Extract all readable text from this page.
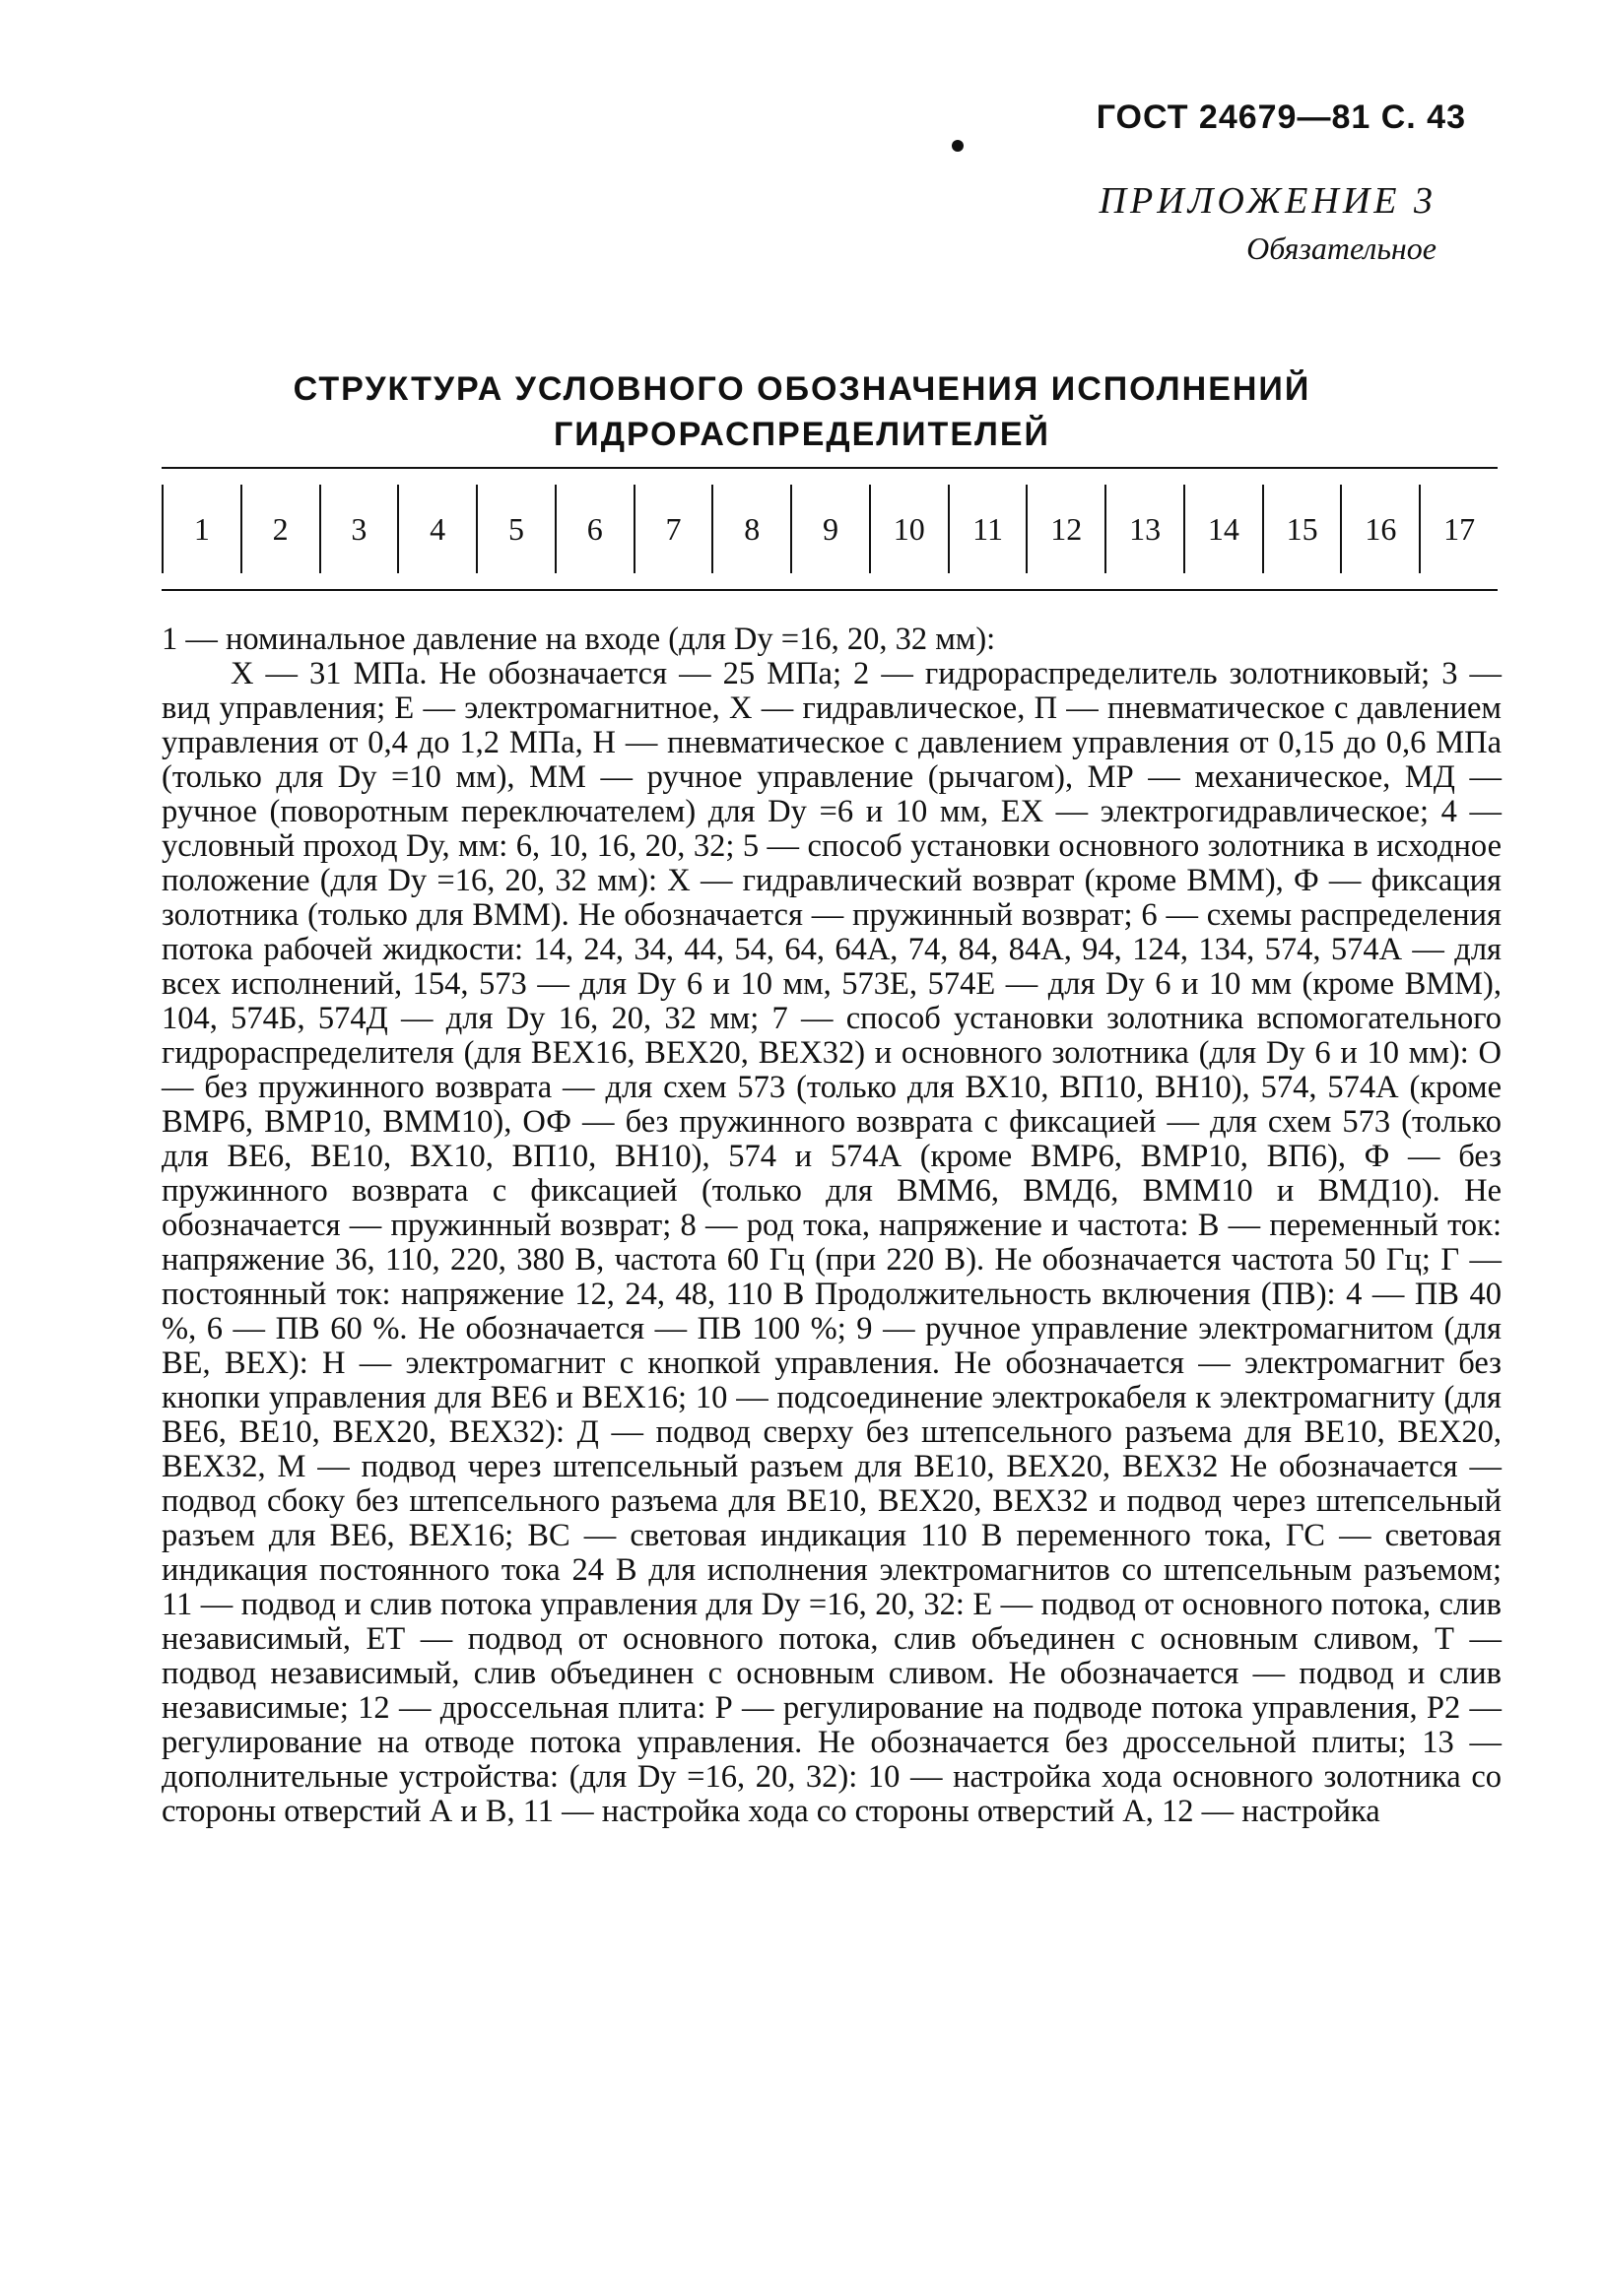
ГОСТ 24679—81 С. 43
ПРИЛОЖЕНИЕ 3
Обязательное
СТРУКТУРА УСЛОВНОГО ОБОЗНАЧЕНИЯ ИСПОЛНЕНИЙ
ГИДРОРАСПРЕДЕЛИТЕЛЕЙ
1	2	3	4	5	6	7	8	9	10	11	12	13	14	15	16	17

1 — номинальное давление на входе (для Dу =16, 20, 32 мм):

Х — 31 МПа. Не обозначается — 25 МПа; 2 — гидрораспределитель золотниковый; 3 — вид управления; Е — электромагнитное, Х — гидравлическое, П — пневматическое с давлением управления от 0,4 до 1,2 МПа, Н — пневматическое с давлением управления от 0,15 до 0,6 МПа (только для Dу =10 мм), ММ — ручное управление (рычагом), МР — механическое, МД — ручное (поворотным переключателем) для Dу =6 и 10 мм, ЕХ — электрогидравлическое; 4 — условный проход Dу, мм: 6, 10, 16, 20, 32; 5 — способ установки основного золотника в исходное положение (для Dу =16, 20, 32 мм): Х — гидравлический возврат (кроме ВММ), Ф — фиксация золотника (только для ВММ). Не обозначается — пружинный возврат; 6 — схемы распределения потока рабочей жидкости: 14, 24, 34, 44, 54, 64, 64А, 74, 84, 84А, 94, 124, 134, 574, 574А — для всех исполнений, 154, 573 — для Dу 6 и 10 мм, 573Е, 574Е — для Dу 6 и 10 мм (кроме ВММ), 104, 574Б, 574Д — для Dу 16, 20, 32 мм; 7 — способ установки золотника вспомогательного гидрораспределителя (для ВЕХ16, ВЕХ20, ВЕХ32) и основного золотника (для Dу 6 и 10 мм): О — без пружинного возврата — для схем 573 (только для ВХ10, ВП10, ВН10), 574, 574А (кроме ВМР6, ВМР10, ВММ10), ОФ — без пружинного возврата с фиксацией — для схем 573 (только для ВЕ6, ВЕ10, ВХ10, ВП10, ВН10), 574 и 574А (кроме ВМР6, ВМР10, ВП6), Ф — без пружинного возврата с фиксацией (только для ВММ6, ВМД6, ВММ10 и ВМД10). Не обозначается — пружинный возврат; 8 — род тока, напряжение и частота: В — переменный ток: напряжение 36, 110, 220, 380 В, частота 60 Гц (при 220 В). Не обозначается частота 50 Гц; Г — постоянный ток: напряжение 12, 24, 48, 110 В Продолжительность включения (ПВ): 4 — ПВ 40 %, 6 — ПВ 60 %. Не обозначается — ПВ 100 %; 9 — ручное управление электромагнитом (для ВЕ, ВЕХ): Н — электромагнит с кнопкой управления. Не обозначается — электромагнит без кнопки управления для ВЕ6 и ВЕХ16; 10 — подсоединение электрокабеля к электромагниту (для ВЕ6, ВЕ10, ВЕХ20, ВЕХ32): Д — подвод сверху без штепсельного разъема для ВЕ10, ВЕХ20, ВЕХ32, М — подвод через штепсельный разъем для ВЕ10, ВЕХ20, ВЕХ32 Не обозначается — подвод сбоку без штепсельного разъема для ВЕ10, ВЕХ20, ВЕХ32 и подвод через штепсельный разъем для ВЕ6, ВЕХ16; ВС — световая индикация 110 В переменного тока, ГС — световая индикация постоянного тока 24 В для исполнения электромагнитов со штепсельным разъемом; 11 — подвод и слив потока управления для Dу =16, 20, 32: Е — подвод от основного потока, слив независимый, ЕТ — подвод от основного потока, слив объединен с основным сливом, Т — подвод независимый, слив объединен с основным сливом. Не обозначается — подвод и слив независимые; 12 — дроссельная плита: Р — регулирование на подводе потока управления, Р2 — регулирование на отводе потока управления. Не обозначается без дроссельной плиты; 13 — дополнительные устройства: (для Dу =16, 20, 32): 10 — настройка хода основного золотника со стороны отверстий А и В, 11 — настройка хода со стороны отверстий А, 12 — настройка
